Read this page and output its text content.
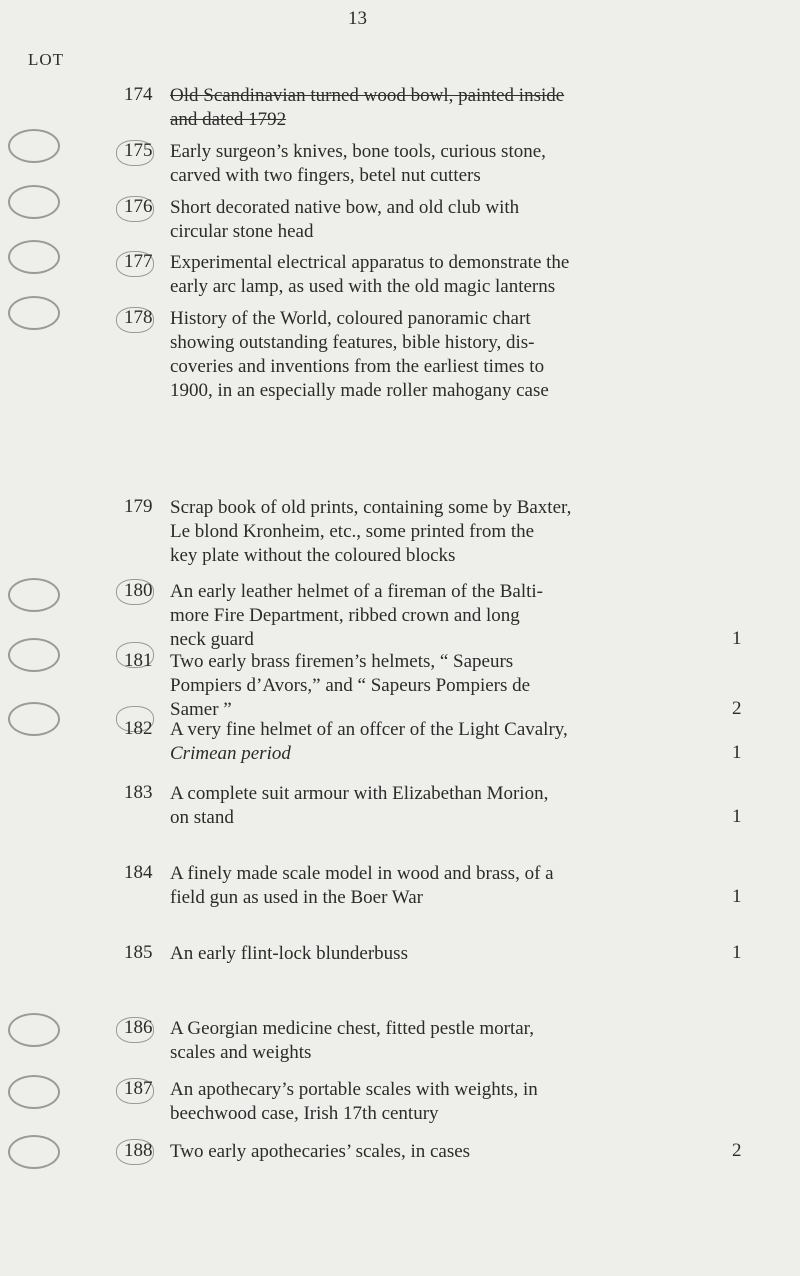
13
LOT
174 Old Scandinavian turned wood bowl, painted inside
and dated 1792
175 Early surgeon’s knives, bone tools, curious stone,
carved with two fingers, betel nut cutters
176 Short decorated native bow, and old club with
circular stone head
177 Experimental electrical apparatus to demonstrate the
early arc lamp, as used with the old magic lanterns
178 History of the World, coloured panoramic chart
showing outstanding features, bible history, dis-
coveries and inventions from the earliest times to
1900, in an especially made roller mahogany case
179 Scrap book of old prints, containing some by Baxter,
Le blond Kronheim, etc., some printed from the
key plate without the coloured blocks
180 An early leather helmet of a fireman of the Balti-
more Fire Department, ribbed crown and long
neck guard	1
181 Two early brass firemen’s helmets, “ Sapeurs
Pompiers d’Avors,” and “ Sapeurs Pompiers de
Samer ”	2
182 A very fine helmet of an offcer of the Light Cavalry,
Crimean period	1
183 A complete suit armour with Elizabethan Morion,
on stand	1
184 A finely made scale model in wood and brass, of a
field gun as used in the Boer War	1
185 An early flint-lock blunderbuss	1
186 A Georgian medicine chest, fitted pestle mortar,
scales and weights
187 An apothecary’s portable scales with weights, in
beechwood case, Irish 17th century
188 Two early apothecaries’ scales, in cases	2
